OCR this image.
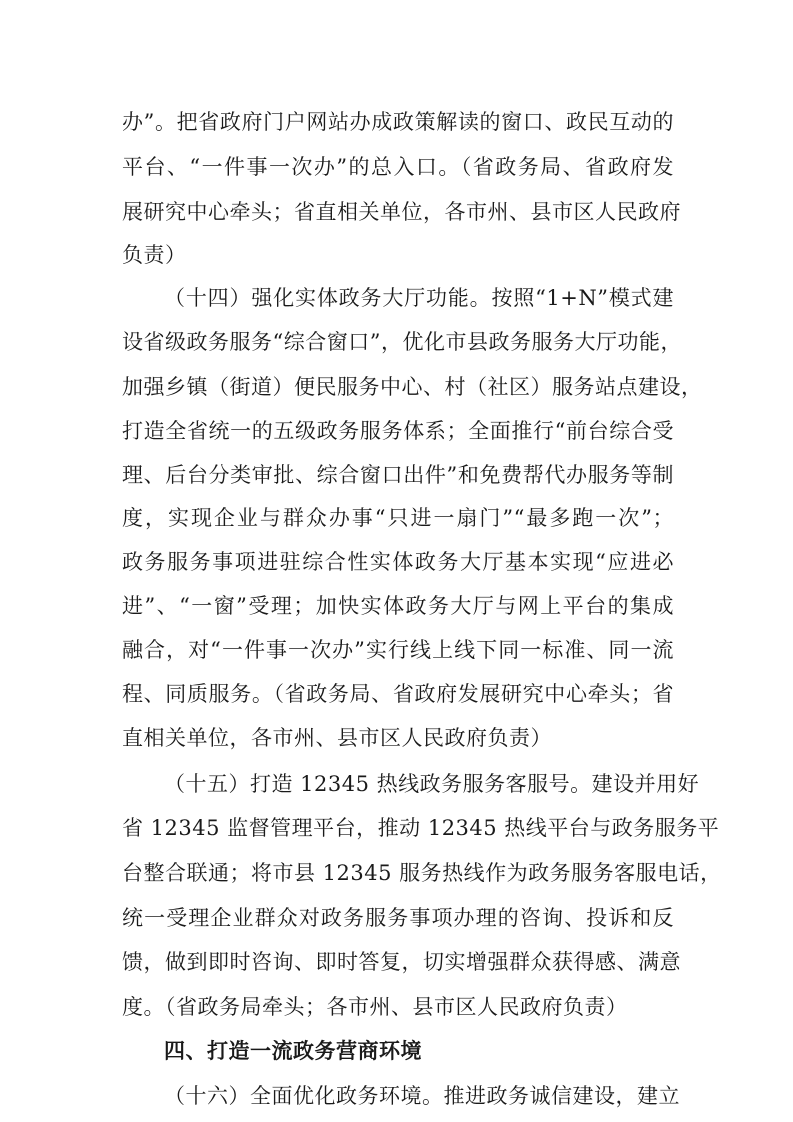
办”。把省政府门户网站办成政策解读的窗口、政民互动的
平台、“一件事一次办”的总入口。（省政务局、省政府发
展研究中心牵头；省直相关单位，各市州、县市区人民政府
负责）
（十四）强化实体政务大厅功能。按照“1+N”模式建
设省级政务服务“综合窗口”，优化市县政务服务大厅功能，
加强乡镇（街道）便民服务中心、村（社区）服务站点建设，
打造全省统一的五级政务服务体系；全面推行“前台综合受
理、后台分类审批、综合窗口出件”和免费帮代办服务等制
度，实现企业与群众办事“只进一扇门”“最多跑一次”；
政务服务事项进驻综合性实体政务大厅基本实现“应进必
进”、“一窗”受理；加快实体政务大厅与网上平台的集成
融合，对“一件事一次办”实行线上线下同一标准、同一流
程、同质服务。（省政务局、省政府发展研究中心牵头；省
直相关单位，各市州、县市区人民政府负责）
（十五）打造 12345 热线政务服务客服号。建设并用好
省 12345 监督管理平台，推动 12345 热线平台与政务服务平
台整合联通；将市县 12345 服务热线作为政务服务客服电话，
统一受理企业群众对政务服务事项办理的咨询、投诉和反
馈，做到即时咨询、即时答复，切实增强群众获得感、满意
度。（省政务局牵头；各市州、县市区人民政府负责）
四、打造一流政务营商环境
（十六）全面优化政务环境。推进政务诚信建设，建立
